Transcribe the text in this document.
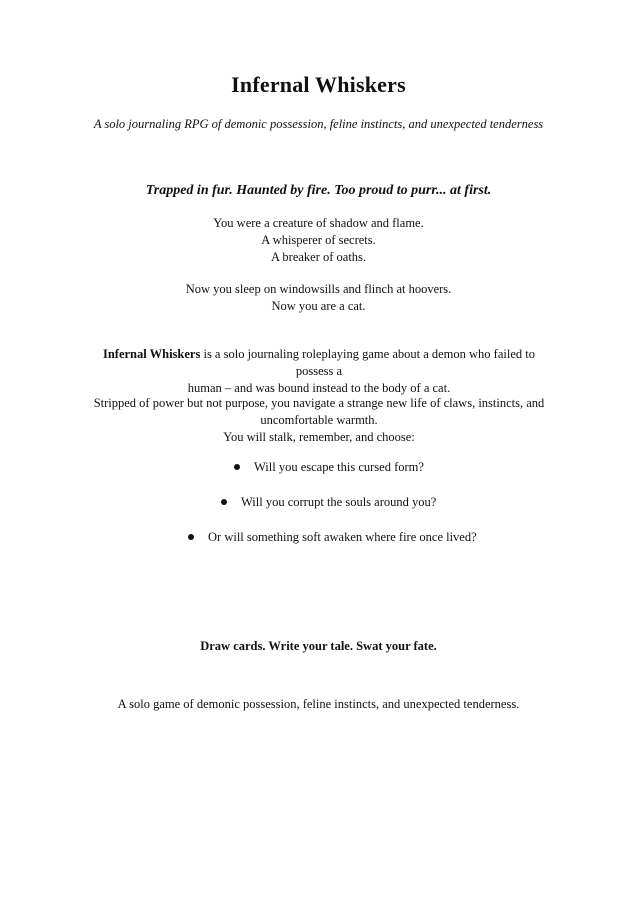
Infernal Whiskers
A solo journaling RPG of demonic possession, feline instincts, and unexpected tenderness
Trapped in fur. Haunted by fire. Too proud to purr... at first.
You were a creature of shadow and flame.
A whisperer of secrets.
A breaker of oaths.
Now you sleep on windowsills and flinch at hoovers.
Now you are a cat.
Infernal Whiskers is a solo journaling roleplaying game about a demon who failed to possess a
human – and was bound instead to the body of a cat.
Stripped of power but not purpose, you navigate a strange new life of claws, instincts, and
uncomfortable warmth.
You will stalk, remember, and choose:
Will you escape this cursed form?
Will you corrupt the souls around you?
Or will something soft awaken where fire once lived?
Draw cards. Write your tale. Swat your fate.
A solo game of demonic possession, feline instincts, and unexpected tenderness.
